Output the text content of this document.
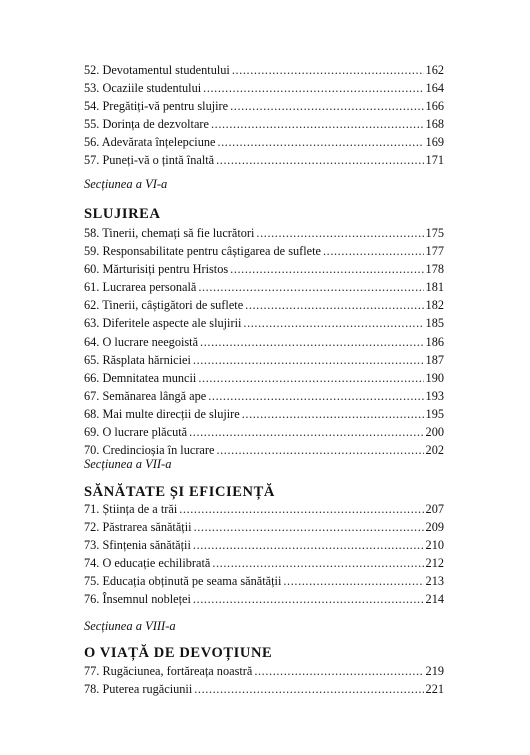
52. Devotamentul studentului .....	162
53. Ocaziile studentului .....	164
54. Pregătiți-vă pentru slujire .....	166
55. Dorința de dezvoltare .....	168
56. Adevărata înțelepciune .....	169
57. Puneți-vă o țintă înaltă .....	171
Secțiunea a VI-a
SLUJIREA
58. Tinerii, chemați să fie lucrători .....	175
59. Responsabilitate pentru câștigarea de suflete .....	177
60. Mărturisiți pentru Hristos .....	178
61. Lucrarea personală .....	181
62. Tinerii, câștigători de suflete .....	182
63. Diferitele aspecte ale slujirii .....	185
64. O lucrare neegoistă .....	186
65. Răsplata hărniciei .....	187
66. Demnitatea muncii .....	190
67. Semănarea lângă ape .....	193
68. Mai multe direcții de slujire .....	195
69. O lucrare plăcută .....	200
70. Credincioșia în lucrare .....	202
Secțiunea a VII-a
SĂNĂTATE ȘI EFICIENȚĂ
71. Știința de a trăi .....	207
72. Păstrarea sănătății .....	209
73. Sfințenia sănătății .....	210
74. O educație echilibrată .....	212
75. Educația obținută pe seama sănătății .....	213
76. Însemnul nobleței .....	214
Secțiunea a VIII-a
O VIAȚĂ DE DEVOȚIUNE
77. Rugăciunea, fortăreața noastră .....	219
78. Puterea rugăciunii .....	221
